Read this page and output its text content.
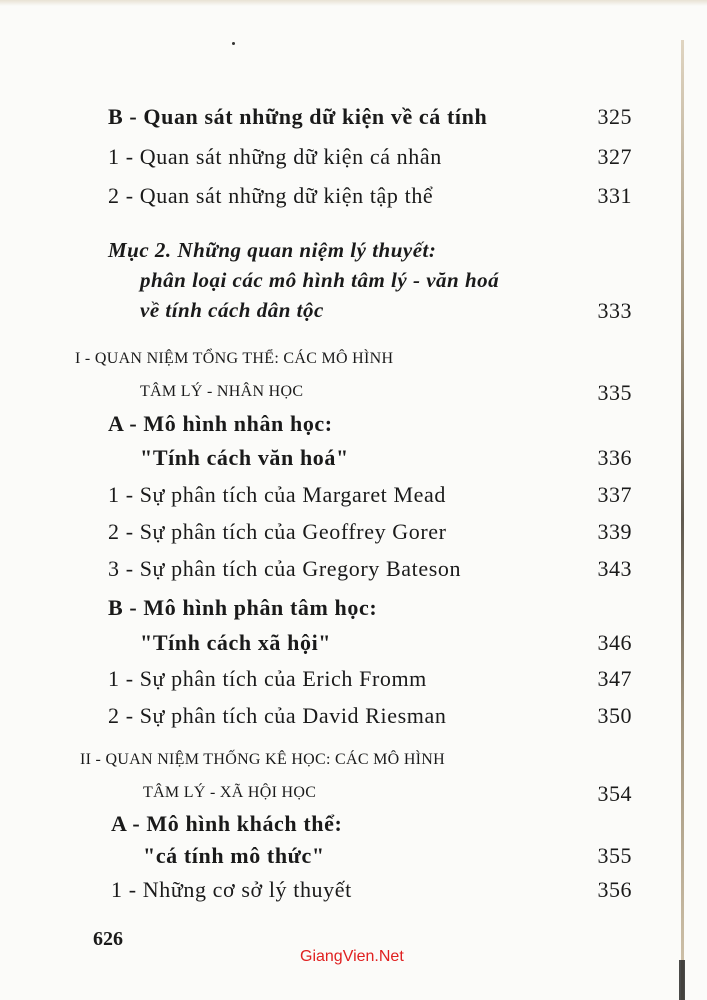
B - Quan sát những dữ kiện về cá tính	325
1 - Quan sát những dữ kiện cá nhân	327
2 - Quan sát những dữ kiện tập thể	331
Mục 2. Những quan niệm lý thuyết:
phân loại các mô hình tâm lý - văn hoá
về tính cách dân tộc	333
I - QUAN NIỆM TỔNG THỂ: CÁC MÔ HÌNH
TÂM LÝ - NHÂN HỌC	335
A - Mô hình nhân học:
"Tính cách văn hoá"	336
1 - Sự phân tích của Margaret Mead	337
2 - Sự phân tích của Geoffrey Gorer	339
3 - Sự phân tích của Gregory Bateson	343
B - Mô hình phân tâm học:
"Tính cách xã hội"	346
1 - Sự phân tích của Erich Fromm	347
2 - Sự phân tích của David Riesman	350
II - QUAN NIỆM THỐNG KÊ HỌC: CÁC MÔ HÌNH
TÂM LÝ - XÃ HỘI HỌC	354
A - Mô hình khách thể:
"cá tính mô thức"	355
1 - Những cơ sở lý thuyết	356
626
GiangVien.Net
